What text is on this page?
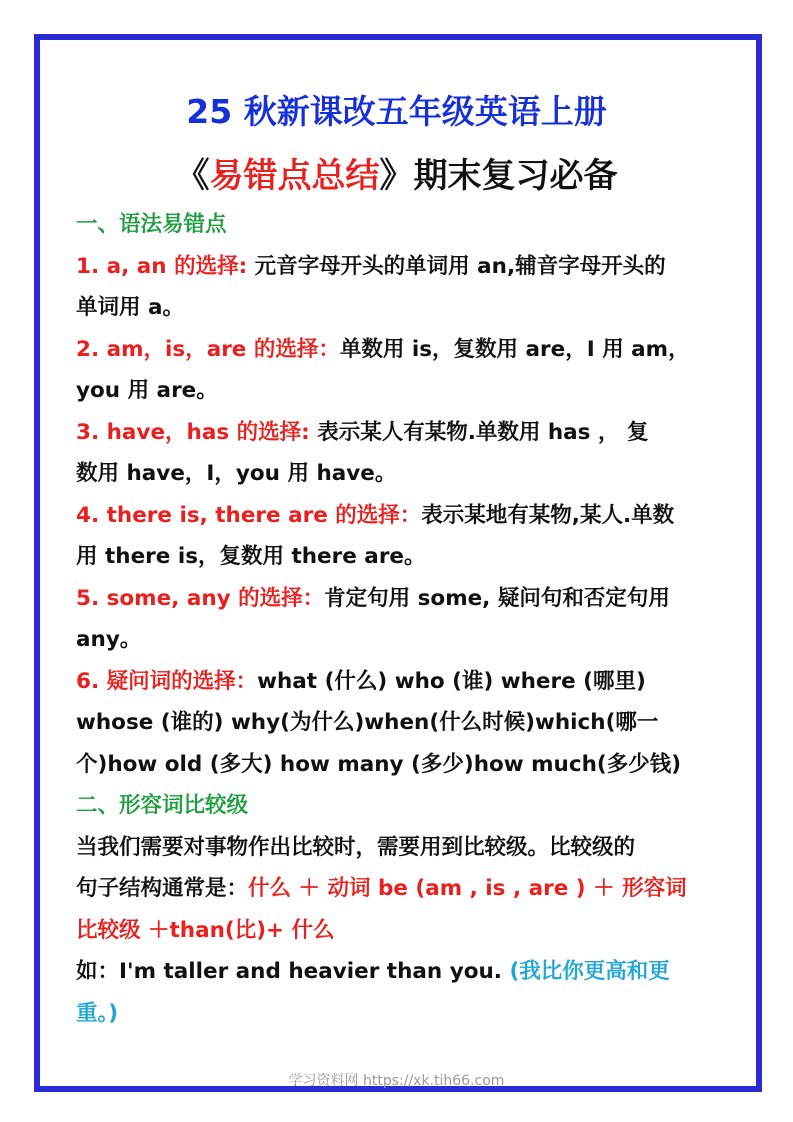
25 秋新课改五年级英语上册
《易错点总结》期末复习必备
一、语法易错点
1. a, an 的选择: 元音字母开头的单词用 an,辅音字母开头的
单词用 a。
2. am，is，are 的选择：单数用 is，复数用 are，I 用 am，
you 用 are。
3. have，has 的选择: 表示某人有某物.单数用 has ， 复
数用 have，I，you 用 have。
4. there is, there are 的选择：表示某地有某物,某人.单数
用 there is，复数用 there are。
5. some, any 的选择：肯定句用 some, 疑问句和否定句用
any。
6. 疑问词的选择：what (什么) who (谁) where (哪里)
whose (谁的) why(为什么)when(什么时候)which(哪一
个)how old (多大) how many (多少)how much(多少钱)
二、形容词比较级
当我们需要对事物作出比较时，需要用到比较级。比较级的
句子结构通常是：什么 ＋ 动词 be (am , is , are ) ＋ 形容词
比较级 ＋than(比)+ 什么
如：I'm taller and heavier than you. (我比你更高和更
重。)
学习资料网 https://xk.tih66.com
